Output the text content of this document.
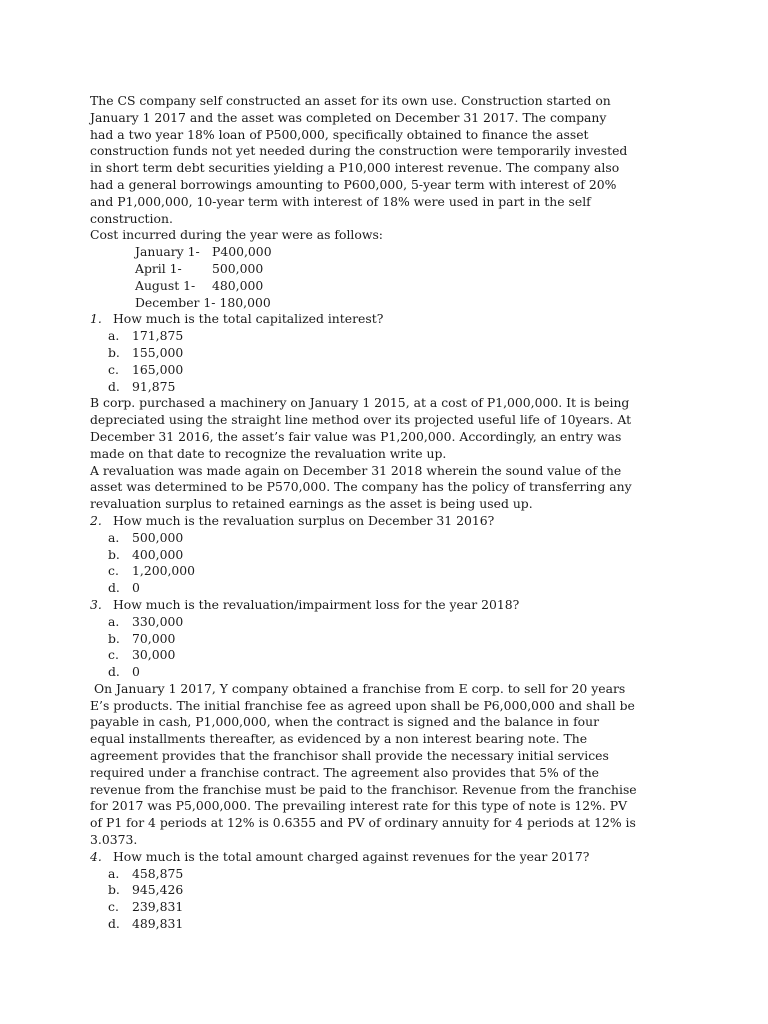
The CS company self constructed an asset for its own use. Construction started on
January 1 2017 and the asset was completed on December 31 2017. The company
had a two year 18% loan of P500,000, specifically obtained to finance the asset
construction funds not yet needed during the construction were temporarily invested
in short term debt securities yielding a P10,000 interest revenue. The company also
had a general borrowings amounting to P600,000, 5-year term with interest of 20%
and P1,000,000, 10-year term with interest of 18% were used in part in the self
construction.
Cost incurred during the year were as follows:
January 1- P400,000
April 1-	500,000
August 1-	480,000
December 1- 180,000
1. How much is the total capitalized interest?
a. 171,875
b. 155,000
c. 165,000
d. 91,875
B corp. purchased a machinery on January 1 2015, at a cost of P1,000,000. It is being
depreciated using the straight line method over its projected useful life of 10years. At
December 31 2016, the asset’s fair value was P1,200,000. Accordingly, an entry was
made on that date to recognize the revaluation write up.
A revaluation was made again on December 31 2018 wherein the sound value of the
asset was determined to be P570,000. The company has the policy of transferring any
revaluation surplus to retained earnings as the asset is being used up.
2. How much is the revaluation surplus on December 31 2016?
a. 500,000
b. 400,000
c. 1,200,000
d. 0
3. How much is the revaluation/impairment loss for the year 2018?
a. 330,000
b. 70,000
c. 30,000
d. 0
On January 1 2017, Y company obtained a franchise from E corp. to sell for 20 years
E’s products. The initial franchise fee as agreed upon shall be P6,000,000 and shall be
payable in cash, P1,000,000, when the contract is signed and the balance in four
equal installments thereafter, as evidenced by a non interest bearing note. The
agreement provides that the franchisor shall provide the necessary initial services
required under a franchise contract. The agreement also provides that 5% of the
revenue from the franchise must be paid to the franchisor. Revenue from the franchise
for 2017 was P5,000,000. The prevailing interest rate for this type of note is 12%. PV
of P1 for 4 periods at 12% is 0.6355 and PV of ordinary annuity for 4 periods at 12% is
3.0373.
4. How much is the total amount charged against revenues for the year 2017?
a. 458,875
b. 945,426
c. 239,831
d. 489,831
